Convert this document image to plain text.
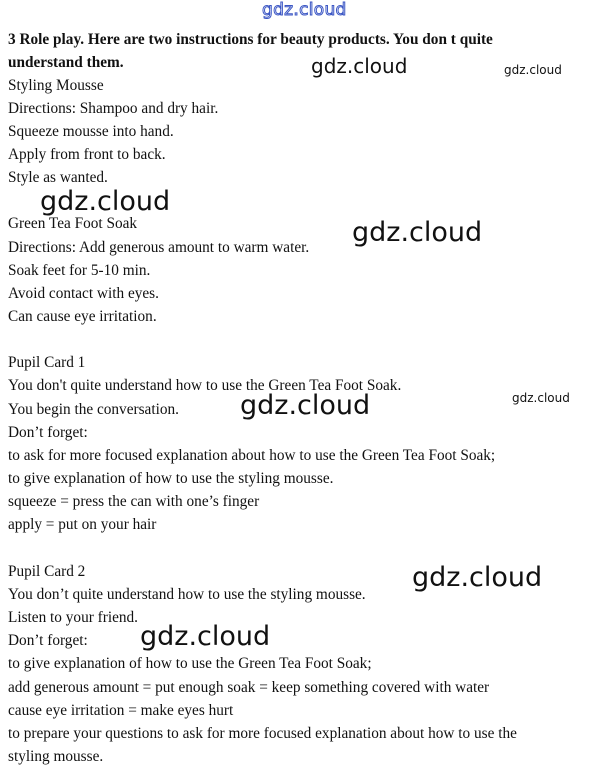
gdz.cloud
gdz.cloud	gdz.cloud
gdz.cloud
gdz.cloud
gdz.cloud	gdz.cloud
gdz.cloud
gdz.cloud
3 Role play. Here are two instructions for beauty products. You don t quite
understand them.
Styling Mousse
Directions: Shampoo and dry hair.
Squeeze mousse into hand.
Apply from front to back.
Style as wanted.
Green Tea Foot Soak
Directions: Add generous amount to warm water.
Soak feet for 5-10 min.
Avoid contact with eyes.
Can cause eye irritation.
Pupil Card 1
You don't quite understand how to use the Green Tea Foot Soak.
You begin the conversation.
Don’t forget:
to ask for more focused explanation about how to use the Green Tea Foot Soak;
to give explanation of how to use the styling mousse.
squeeze = press the can with one’s finger
apply = put on your hair
Pupil Card 2
You don’t quite understand how to use the styling mousse.
Listen to your friend.
Don’t forget:
to give explanation of how to use the Green Tea Foot Soak;
add generous amount = put enough soak = keep something covered with water
cause eye irritation = make eyes hurt
to prepare your questions to ask for more focused explanation about how to use the
styling mousse.
